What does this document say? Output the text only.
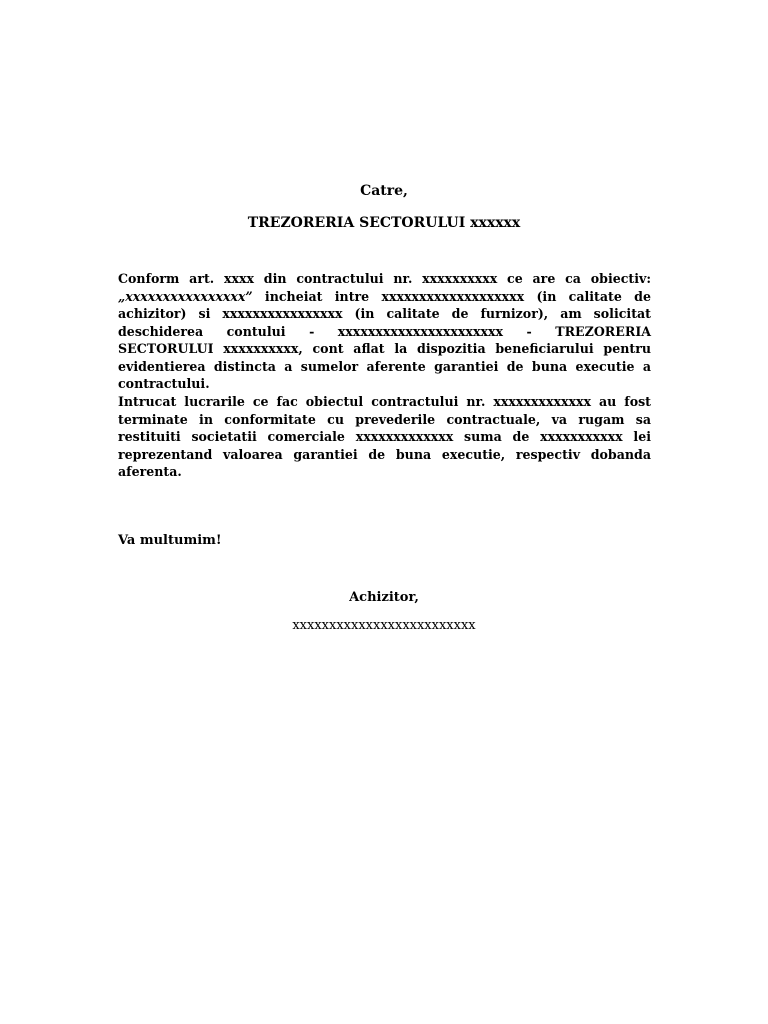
Catre,
TREZORERIA SECTORULUI xxxxxx
Conform art. xxxx din contractului nr. xxxxxxxxxx ce are ca obiectiv: „xxxxxxxxxxxxxxxx” incheiat intre xxxxxxxxxxxxxxxxxxx (in calitate de achizitor) si xxxxxxxxxxxxxxxx (in calitate de furnizor), am solicitat deschiderea contului - xxxxxxxxxxxxxxxxxxxxxx - TREZORERIA SECTORULUI xxxxxxxxxx, cont aflat la dispozitia beneficiarului pentru evidentierea distincta a sumelor aferente garantiei de buna executie a contractului.
Intrucat lucrarile ce fac obiectul contractului nr. xxxxxxxxxxxxx au fost terminate in conformitate cu prevederile contractuale, va rugam sa restituiti societatii comerciale xxxxxxxxxxxxx suma de xxxxxxxxxxx lei reprezentand valoarea garantiei de buna executie, respectiv dobanda aferenta.
Va multumim!
Achizitor,
xxxxxxxxxxxxxxxxxxxxxxxxx
